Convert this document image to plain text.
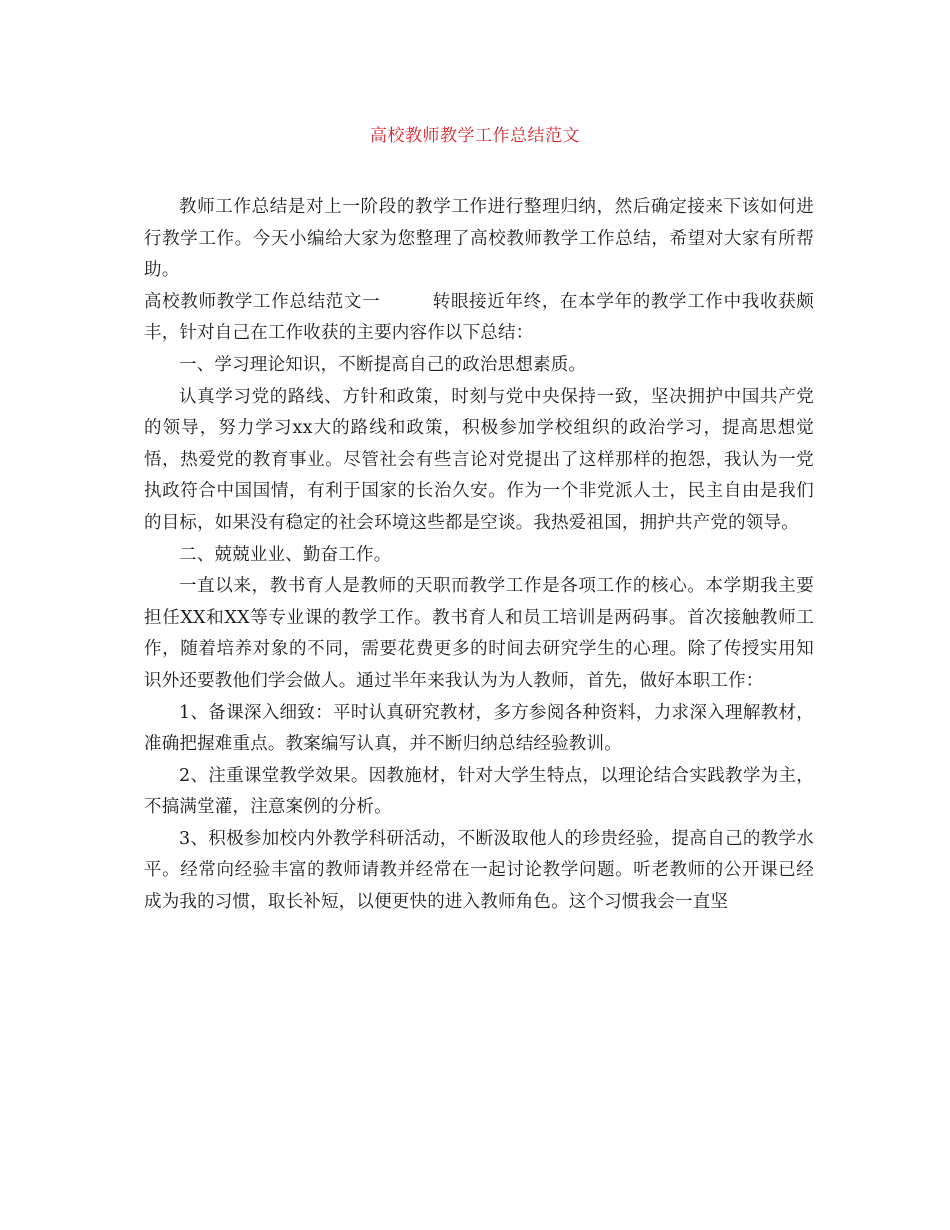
高校教师教学工作总结范文

教师工作总结是对上一阶段的教学工作进行整理归纳，然后确定接来下该如何进行教学工作。今天小编给大家为您整理了高校教师教学工作总结，希望对大家有所帮助。

高校教师教学工作总结范文一	转眼接近年终，在本学年的教学工作中我收获颇丰，针对自己在工作收获的主要内容作以下总结：

一、学习理论知识，不断提高自己的政治思想素质。

认真学习党的路线、方针和政策，时刻与党中央保持一致，坚决拥护中国共产党的领导，努力学习xx大的路线和政策，积极参加学校组织的政治学习，提高思想觉悟，热爱党的教育事业。尽管社会有些言论对党提出了这样那样的抱怨，我认为一党执政符合中国国情，有利于国家的长治久安。作为一个非党派人士，民主自由是我们的目标，如果没有稳定的社会环境这些都是空谈。我热爱祖国，拥护共产党的领导。

二、兢兢业业、勤奋工作。

一直以来，教书育人是教师的天职而教学工作是各项工作的核心。本学期我主要担任XX和XX等专业课的教学工作。教书育人和员工培训是两码事。首次接触教师工作，随着培养对象的不同，需要花费更多的时间去研究学生的心理。除了传授实用知识外还要教他们学会做人。通过半年来我认为为人教师，首先，做好本职工作：

1、备课深入细致：平时认真研究教材，多方参阅各种资料，力求深入理解教材，准确把握难重点。教案编写认真，并不断归纳总结经验教训。

2、注重课堂教学效果。因教施材，针对大学生特点，以理论结合实践教学为主，不搞满堂灌，注意案例的分析。

3、积极参加校内外教学科研活动，不断汲取他人的珍贵经验，提高自己的教学水平。经常向经验丰富的教师请教并经常在一起讨论教学问题。听老教师的公开课已经成为我的习惯，取长补短，以便更快的进入教师角色。这个习惯我会一直坚
